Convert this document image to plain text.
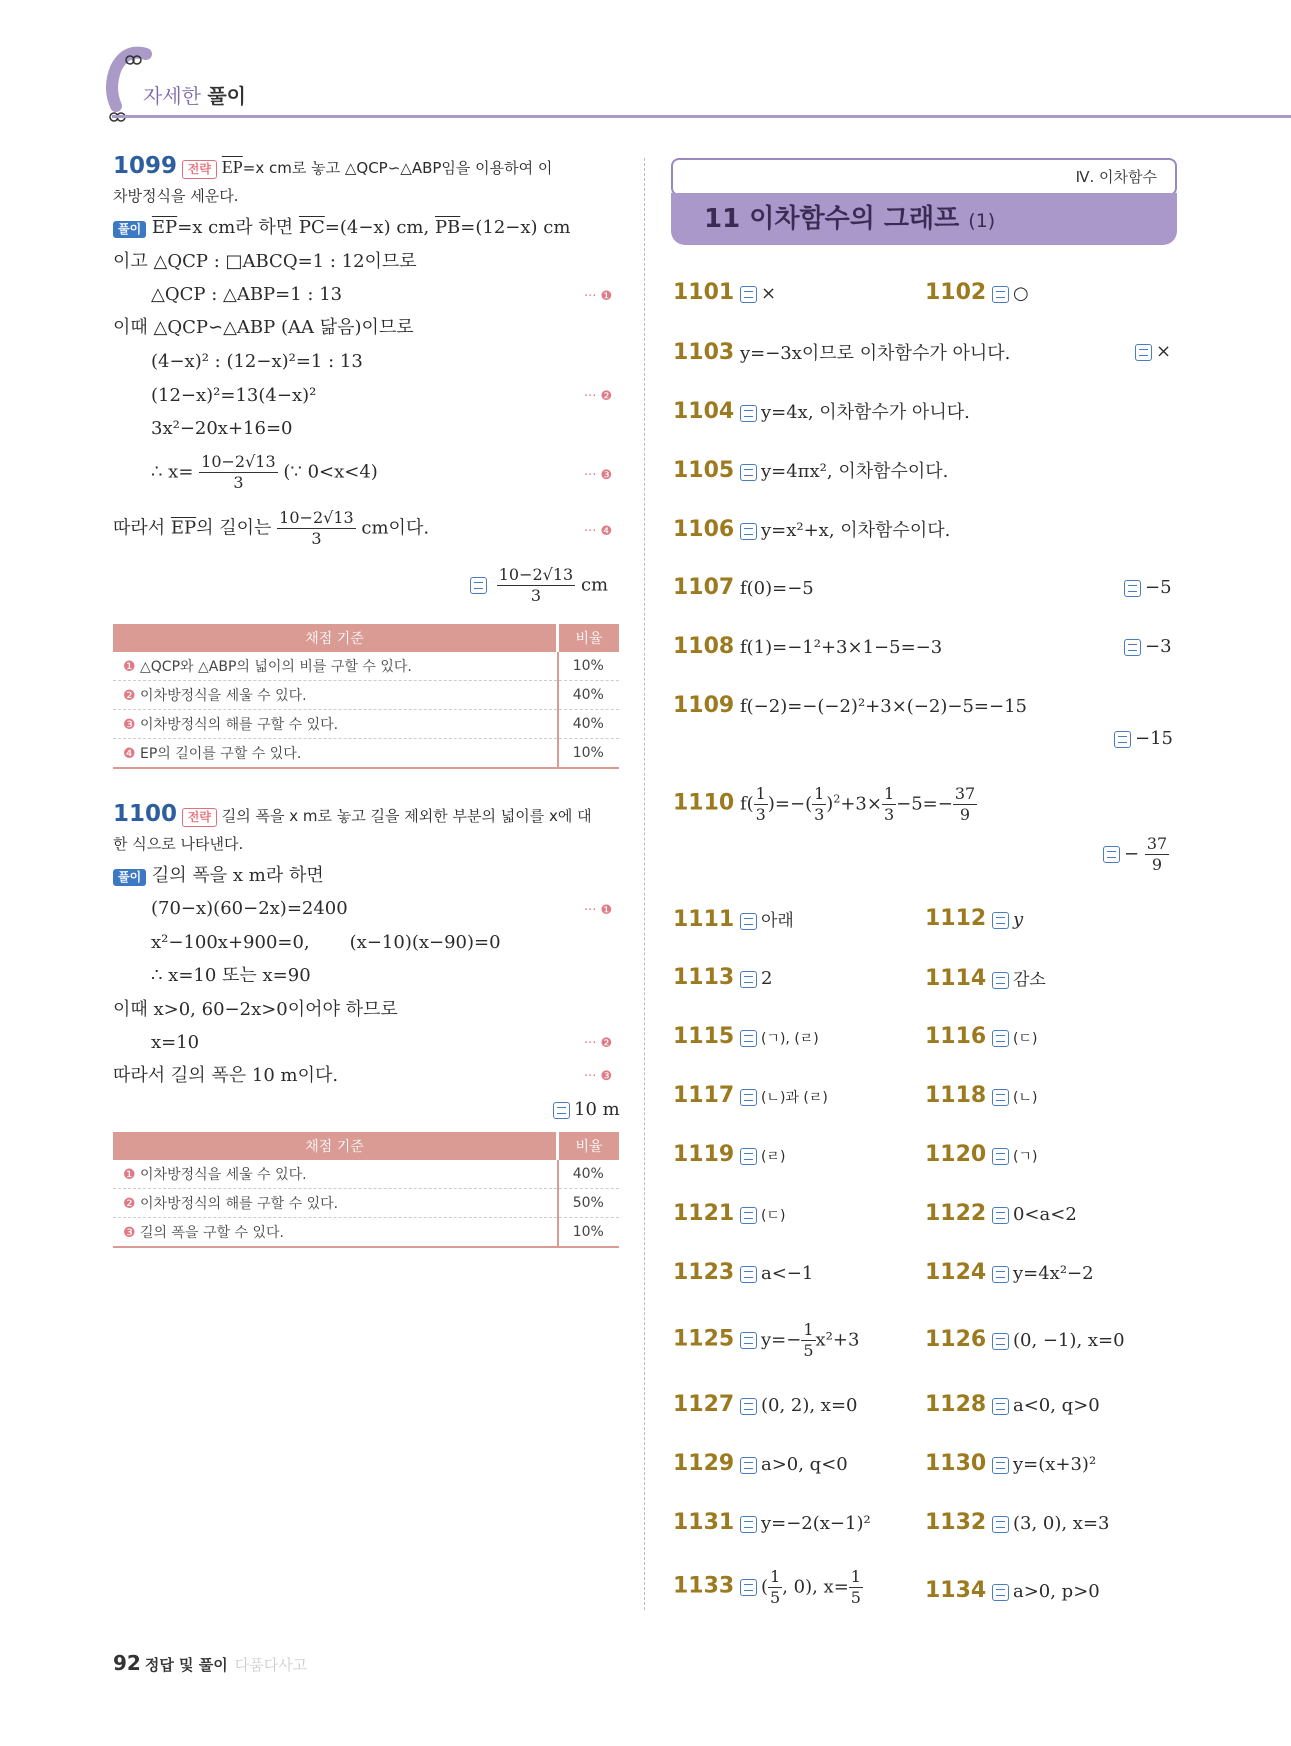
자세한 풀이
1099 전략 $\overline{EP}=x$ cm로 놓고 △QCP∽△ABP임을 이용하여 이
차방정식을 세운다.
풀이 $\overline{EP}=x$ cm라 하면 $\overline{PC}=(4-x)$ cm, $\overline{PB}=(12-x)$ cm
이고 △QCP : □ABCQ=1 : 12이므로
△QCP : △ABP=1 : 13	··· ❶
이때 △QCP∽△ABP (AA 닮음)이므로
(4−x)² : (12−x)²=1 : 13
(12−x)²=13(4−x)²	··· ❷
3x²−20x+16=0
∴ $x= \frac{10-2√13}{3}$ (∵ 0<x<4)	··· ❸
따라서 $\overline{EP}$의 길이는 $\frac{10-2√13}{3}$ cm이다.	··· ❹

$\frac{10-2√13}{3}$ cm
채점 기준	비율
❶ △QCP와 △ABP의 넓이의 비를 구할 수 있다.	10%
❷ 이차방정식을 세울 수 있다.	40%
❸ 이차방정식의 해를 구할 수 있다.	40%
❹ EP의 길이를 구할 수 있다.	10%
1100 전략 길의 폭을 x m로 놓고 길을 제외한 부분의 넓이를 x에 대
한 식으로 나타낸다.
풀이 길의 폭을 x m라 하면
(70−x)(60−2x)=2400	··· ❶
x²−100x+900=0, (x−10)(x−90)=0
∴ x=10 또는 x=90
이때 x>0, 60−2x>0이어야 하므로
x=10	··· ❷
따라서 길의 폭은 10 m이다.	··· ❸
10 m
채점 기준	비율
❶ 이차방정식을 세울 수 있다.	40%
❷ 이차방정식의 해를 구할 수 있다.	50%
❸ 길의 폭을 구할 수 있다.	10%
Ⅳ. 이차함수
11 이차함수의 그래프 (1)
1101 ×	1102 ○
1103 y=−3x이므로 이차함수가 아니다.	×
1104 y=4x, 이차함수가 아니다.
1105 y=4πx², 이차함수이다.
1106 y=x²+x, 이차함수이다.
1107 f(0)=−5	−5
1108 f(1)=−1²+3×1−5=−3	−3
1109 f(−2)=−(−2)²+3×(−2)−5=−15
−15
1110 $f( \frac{1}{3}$ )=−( $\frac{1}{3} )^2+3\times \frac{1}{3} -5=- \frac{37}{9}$
− $\frac{37}{9}$
1111 아래	1112 y
1113 2	1114 감소
1115 (ㄱ), (ㄹ)	1116 (ㄷ)
1117 (ㄴ)과 (ㄹ)	1118 (ㄴ)
1119 (ㄹ)	1120 (ㄱ)
1121 (ㄷ)	1122 0<a<2
1123 a<−1	1124 y=4x²−2
1125 $y=- \frac{1}{5} x^2+3$	1126 (0, −1), x=0
1127 (0, 2), x=0	1128 a<0, q>0
1129 a>0, q<0	1130 y=(x+3)²
1131 y=−2(x−1)² 1132 (3, 0), x=3
1133 ( $\frac{1}{5}$ , 0), $x= \frac{1}{5}$	1134 a>0, p>0
92 정답 및 풀이 다품다사고
